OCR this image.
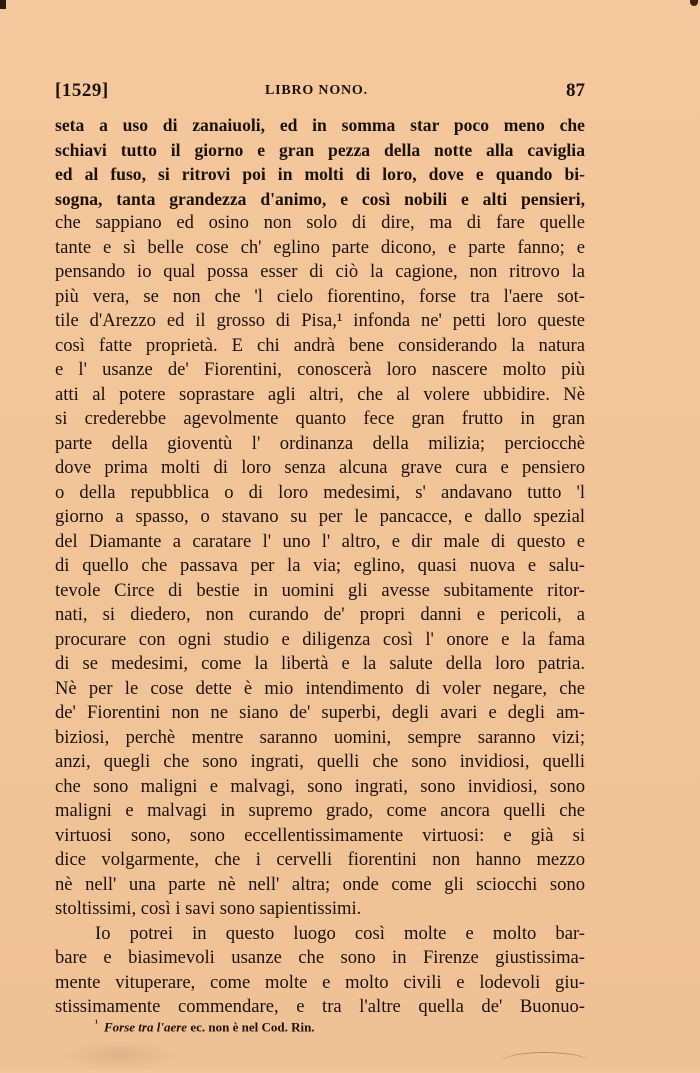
[1529]	LIBRO NONO.	87
seta a uso di zanaiuoli, ed in somma star poco meno che
schiavi tutto il giorno e gran pezza della notte alla caviglia
ed al fuso, si ritrovi poi in molti di loro, dove e quando bi-
sogna, tanta grandezza d'animo, e così nobili e alti pensieri,
che sappiano ed osino non solo di dire, ma di fare quelle
tante e sì belle cose ch' eglino parte dicono, e parte fanno; e
pensando io qual possa esser di ciò la cagione, non ritrovo la
più vera, se non che 'l cielo fiorentino, forse tra l'aere sot-
tile d'Arezzo ed il grosso di Pisa,¹ infonda ne' petti loro queste
così fatte proprietà. E chi andrà bene considerando la natura
e l' usanze de' Fiorentini, conoscerà loro nascere molto più
atti al potere soprastare agli altri, che al volere ubbidire. Nè
si crederebbe agevolmente quanto fece gran frutto in gran
parte della gioventù l' ordinanza della milizia; perciocchè
dove prima molti di loro senza alcuna grave cura e pensiero
o della repubblica o di loro medesimi, s' andavano tutto 'l
giorno a spasso, o stavano su per le pancacce, e dallo spezial
del Diamante a caratare l' uno l' altro, e dir male di questo e
di quello che passava per la via; eglino, quasi nuova e salu-
tevole Circe di bestie in uomini gli avesse subitamente ritor-
nati, si diedero, non curando de' propri danni e pericoli, a
procurare con ogni studio e diligenza così l' onore e la fama
di se medesimi, come la libertà e la salute della loro patria.
Nè per le cose dette è mio intendimento di voler negare, che
de' Fiorentini non ne siano de' superbi, degli avari e degli am-
biziosi, perchè mentre saranno uomini, sempre saranno vizi;
anzi, quegli che sono ingrati, quelli che sono invidiosi, quelli
che sono maligni e malvagi, sono ingrati, sono invidiosi, sono
maligni e malvagi in supremo grado, come ancora quelli che
virtuosi sono, sono eccellentissimamente virtuosi: e già si
dice volgarmente, che i cervelli fiorentini non hanno mezzo
nè nell' una parte nè nell' altra; onde come gli sciocchi sono
stoltissimi, così i savi sono sapientissimi.
Io potrei in questo luogo così molte e molto bar-
bare e biasimevoli usanze che sono in Firenze giustissima-
mente vituperare, come molte e molto civili e lodevoli giu-
stissimamente commendare, e tra l'altre quella de' Buonuo-
$^{^1}$ Forse tra l'aere ec. non è nel Cod. Rin.
